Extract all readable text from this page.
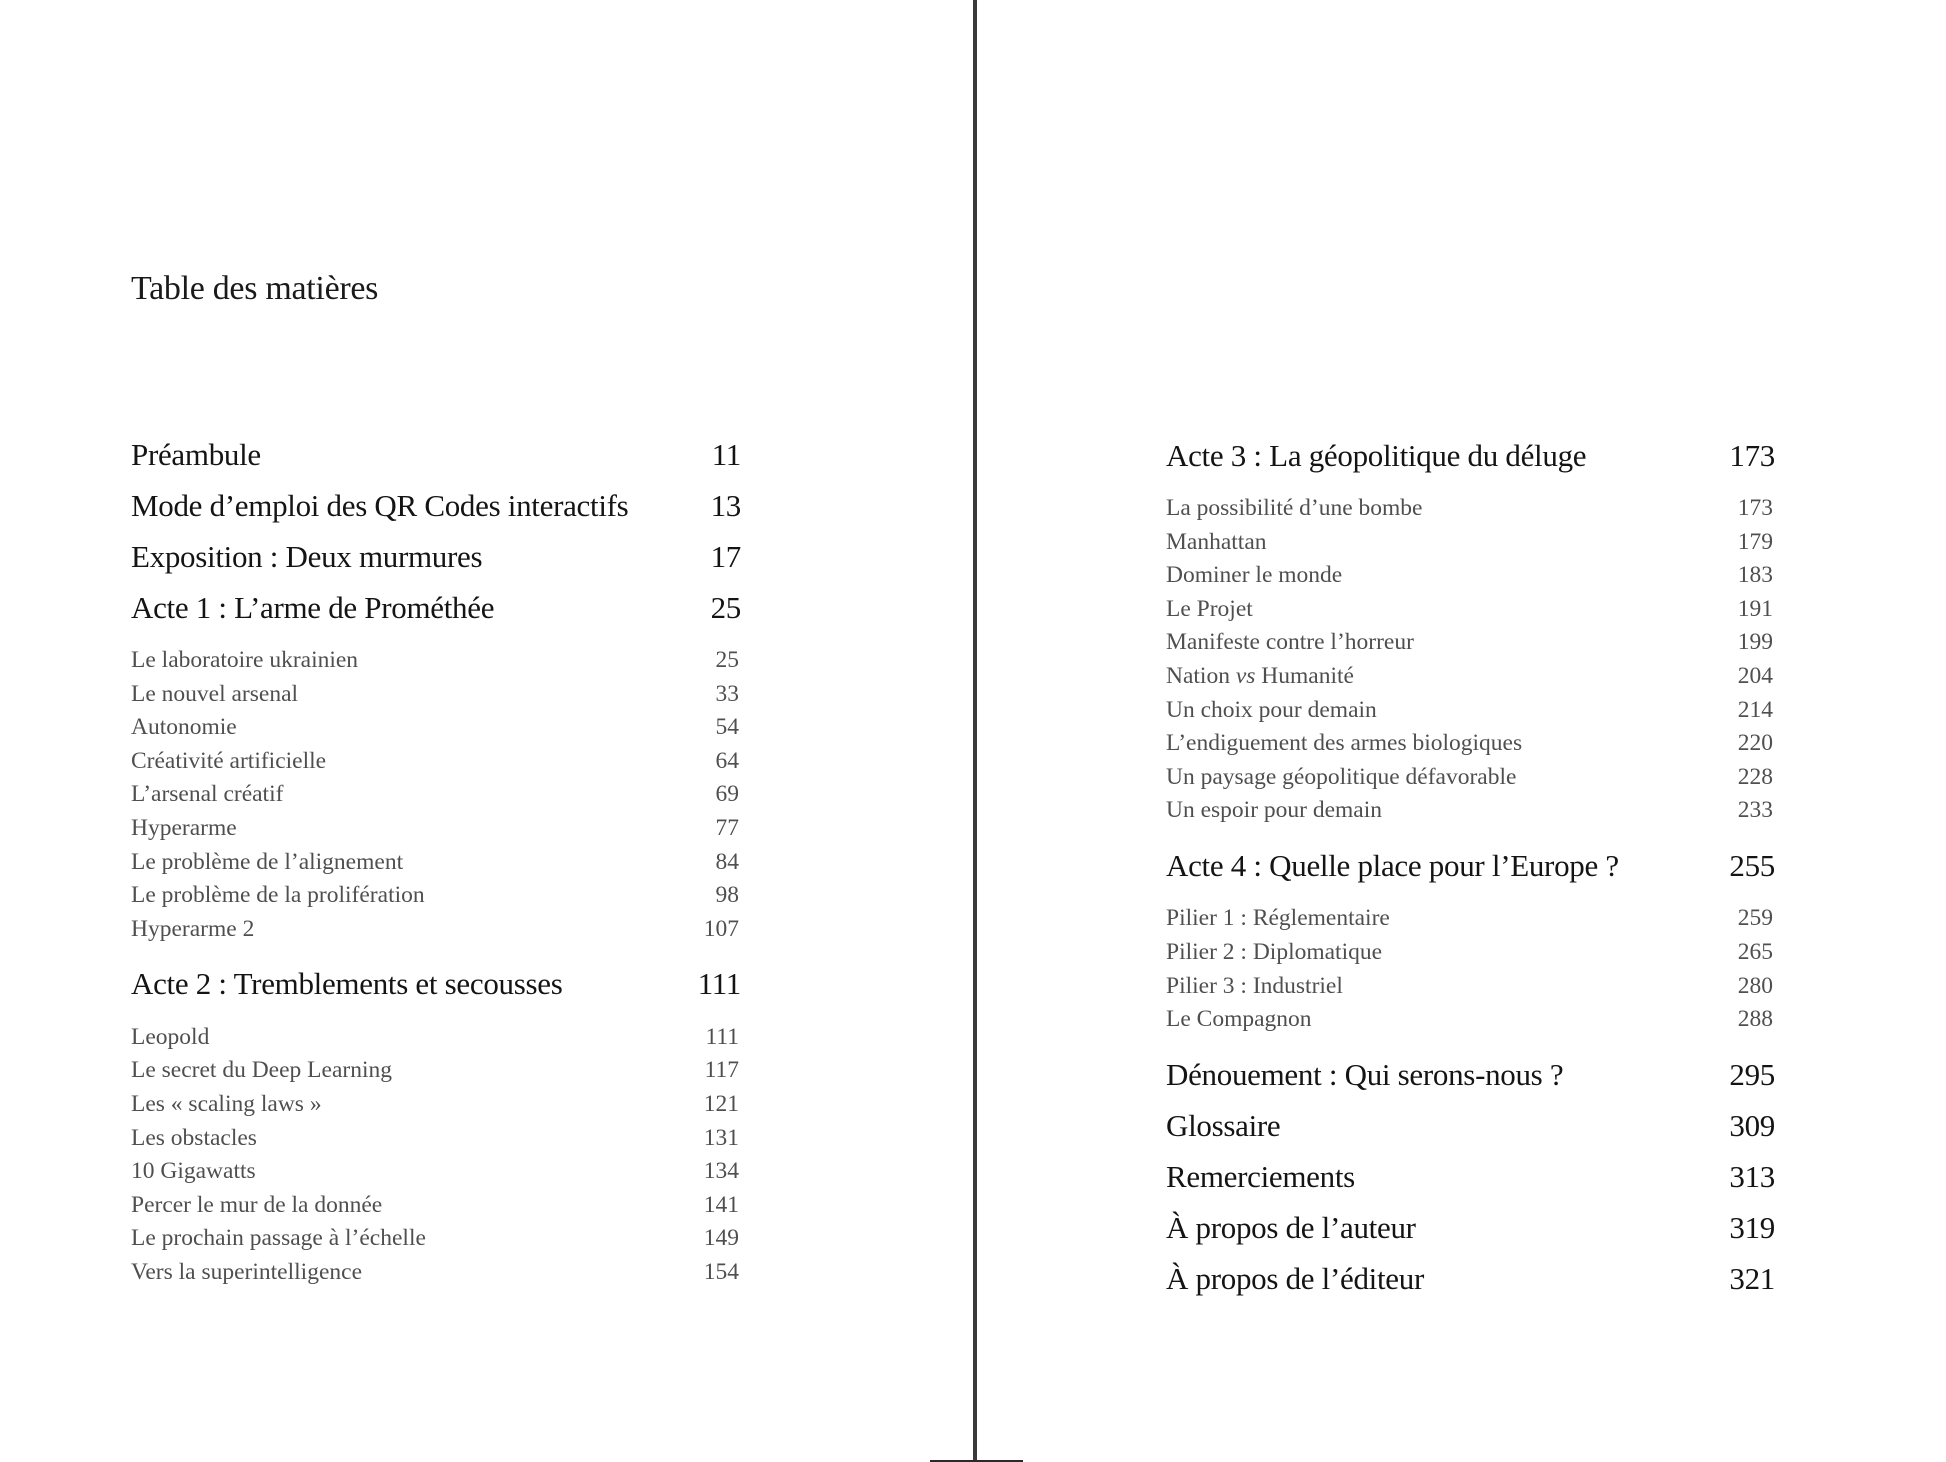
Table des matières
Préambule	11
Mode d’emploi des QR Codes interactifs	13
Exposition : Deux murmures	17
Acte 1 : L’arme de Prométhée	25
Le laboratoire ukrainien	25
Le nouvel arsenal	33
Autonomie	54
Créativité artificielle	64
L’arsenal créatif	69
Hyperarme	77
Le problème de l’alignement	84
Le problème de la prolifération	98
Hyperarme 2	107
Acte 2 : Tremblements et secousses	111
Leopold	111
Le secret du Deep Learning	117
Les « scaling laws »	121
Les obstacles	131
10 Gigawatts	134
Percer le mur de la donnée	141
Le prochain passage à l’échelle	149
Vers la superintelligence	154
Acte 3 : La géopolitique du déluge	173
La possibilité d’une bombe	173
Manhattan	179
Dominer le monde	183
Le Projet	191
Manifeste contre l’horreur	199
Nation vs Humanité	204
Un choix pour demain	214
L’endiguement des armes biologiques	220
Un paysage géopolitique défavorable	228
Un espoir pour demain	233
Acte 4 : Quelle place pour l’Europe ?	255
Pilier 1 : Réglementaire	259
Pilier 2 : Diplomatique	265
Pilier 3 : Industriel	280
Le Compagnon	288
Dénouement : Qui serons-nous ?	295
Glossaire	309
Remerciements	313
À propos de l’auteur	319
À propos de l’éditeur	321
